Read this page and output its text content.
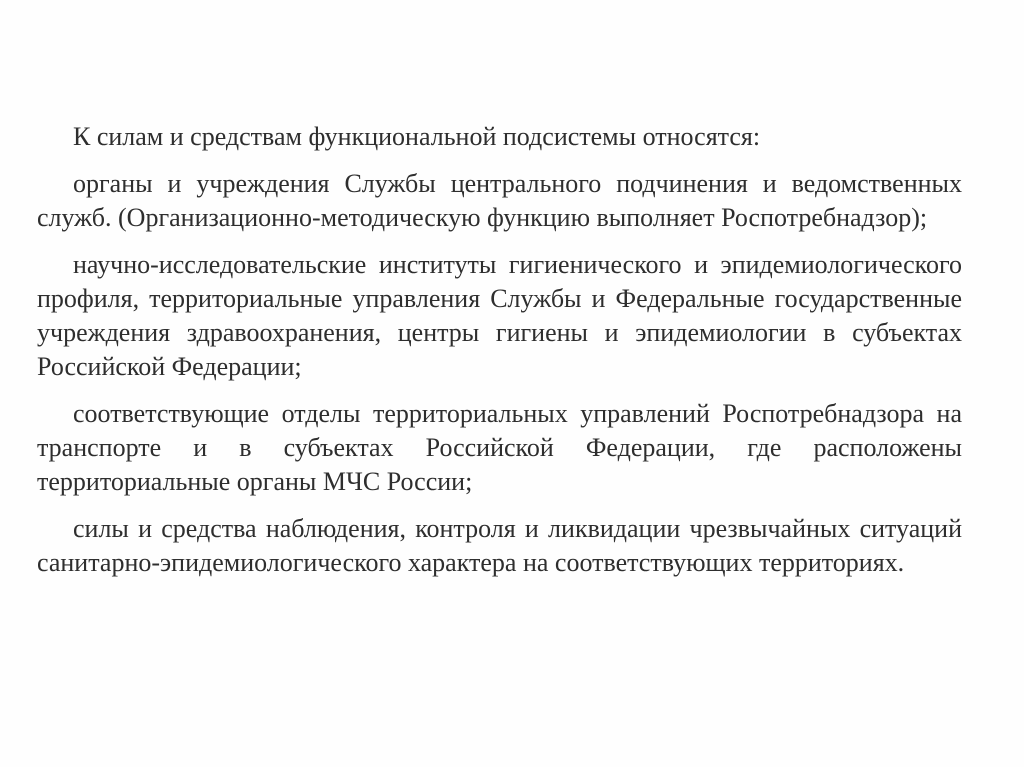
К силам и средствам функциональной подсистемы относятся:

органы и учреждения Службы центрального подчинения и ведомственных служб. (Организационно-методическую функцию выполняет Роспотребнадзор);

научно-исследовательские институты гигиенического и эпидемиологического профиля, территориальные управления Службы и Федеральные государственные учреждения здравоохранения, центры гигиены и эпидемиологии в субъектах Российской Федерации;

соответствующие отделы территориальных управлений Роспотребнадзора на транспорте и в субъектах Российской Федерации, где расположены территориальные органы МЧС России;

силы и средства наблюдения, контроля и ликвидации чрезвычайных ситуаций санитарно-эпидемиологического характера на соответствующих территориях.
